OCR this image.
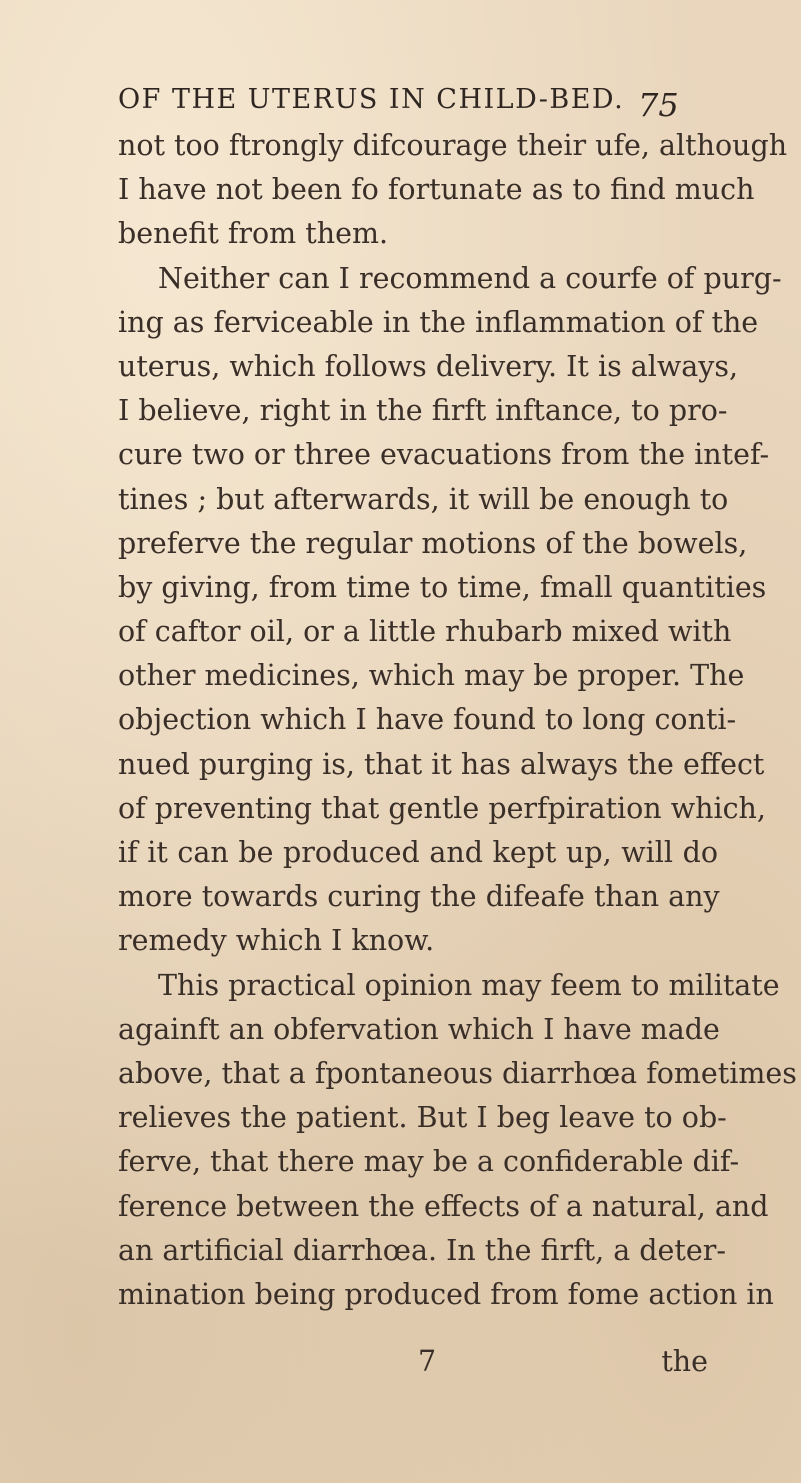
OF THE UTERUS IN CHILD-BED. 75
not too ftrongly difcourage their ufe, although
I have not been fo fortunate as to find much
benefit from them.
Neither can I recommend a courfe of purg-
ing as ferviceable in the inflammation of the
uterus, which follows delivery. It is always,
I believe, right in the firft inftance, to pro-
cure two or three evacuations from the intef-
tines ; but afterwards, it will be enough to
preferve the regular motions of the bowels,
by giving, from time to time, fmall quantities
of caftor oil, or a little rhubarb mixed with
other medicines, which may be proper. The
objection which I have found to long conti-
nued purging is, that it has always the effect
of preventing that gentle perfpiration which,
if it can be produced and kept up, will do
more towards curing the difeafe than any
remedy which I know.
This practical opinion may feem to militate
againft an obfervation which I have made
above, that a fpontaneous diarrhœa fometimes
relieves the patient. But I beg leave to ob-
ferve, that there may be a confiderable dif-
ference between the effects of a natural, and
an artificial diarrhœa. In the firft, a deter-
mination being produced from fome action in
7	the
